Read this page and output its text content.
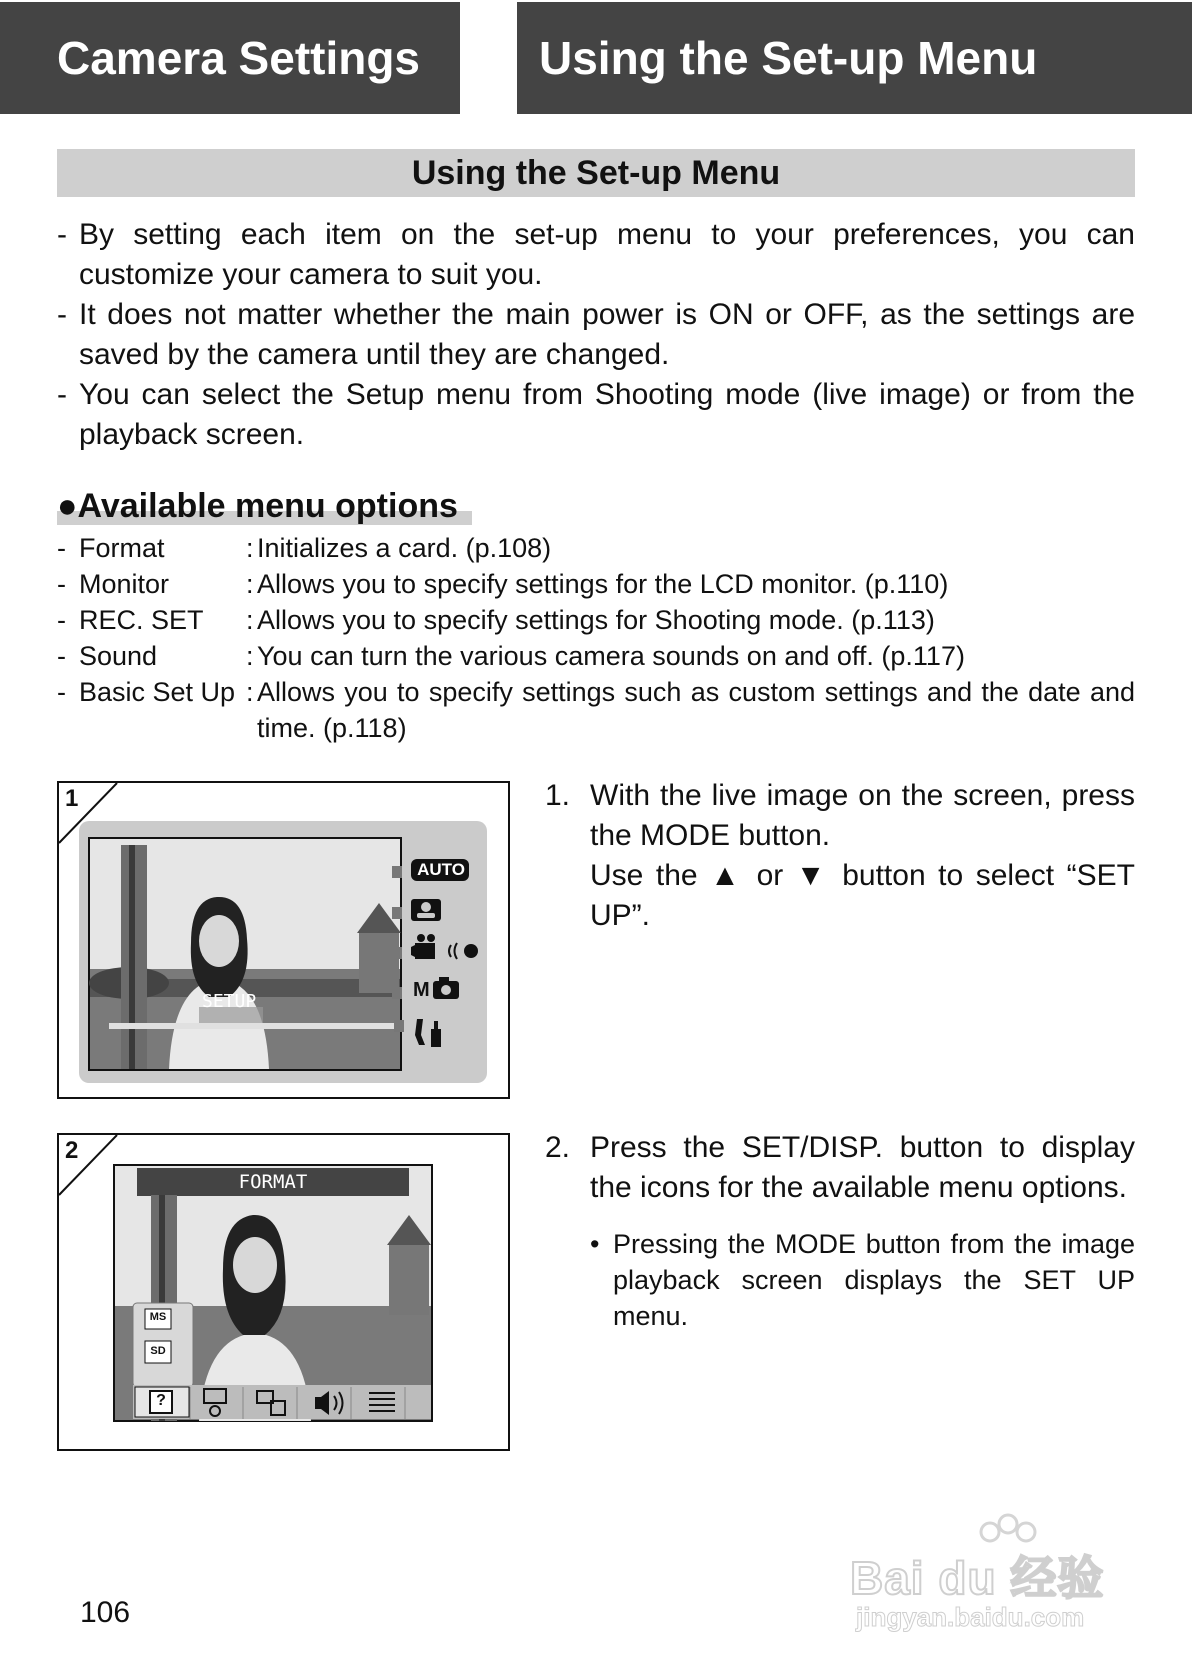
Camera Settings	Using the Set-up Menu
Using the Set-up Menu
- By setting each item on the set-up menu to your preferences, you can customize your camera to suit you.
- It does not matter whether the main power is ON or OFF, as the settings are saved by the camera until they are changed.
- You can select the Setup menu from Shooting mode (live image) or from the playback screen.
●Available menu options
- Format	: Initializes a card. (p.108)
- Monitor	: Allows you to specify settings for the LCD monitor. (p.110)
- REC. SET	: Allows you to specify settings for Shooting mode. (p.113)
- Sound	: You can turn the various camera sounds on and off. (p.117)
- Basic Set Up : Allows you to specify settings such as custom settings and the date and time. (p.118)
1
SETUP
AUTO
M
1. With the live image on the screen, press the MODE button.
Use the ▲ or ▼ button to select “SET UP”.
2
FORMAT
MS
SD
?
2. Press the SET/DISP. button to display the icons for the available menu options.
• Pressing the MODE button from the image playback screen displays the SET UP menu.
106
Bai du 经验
jingyan.baidu.com
